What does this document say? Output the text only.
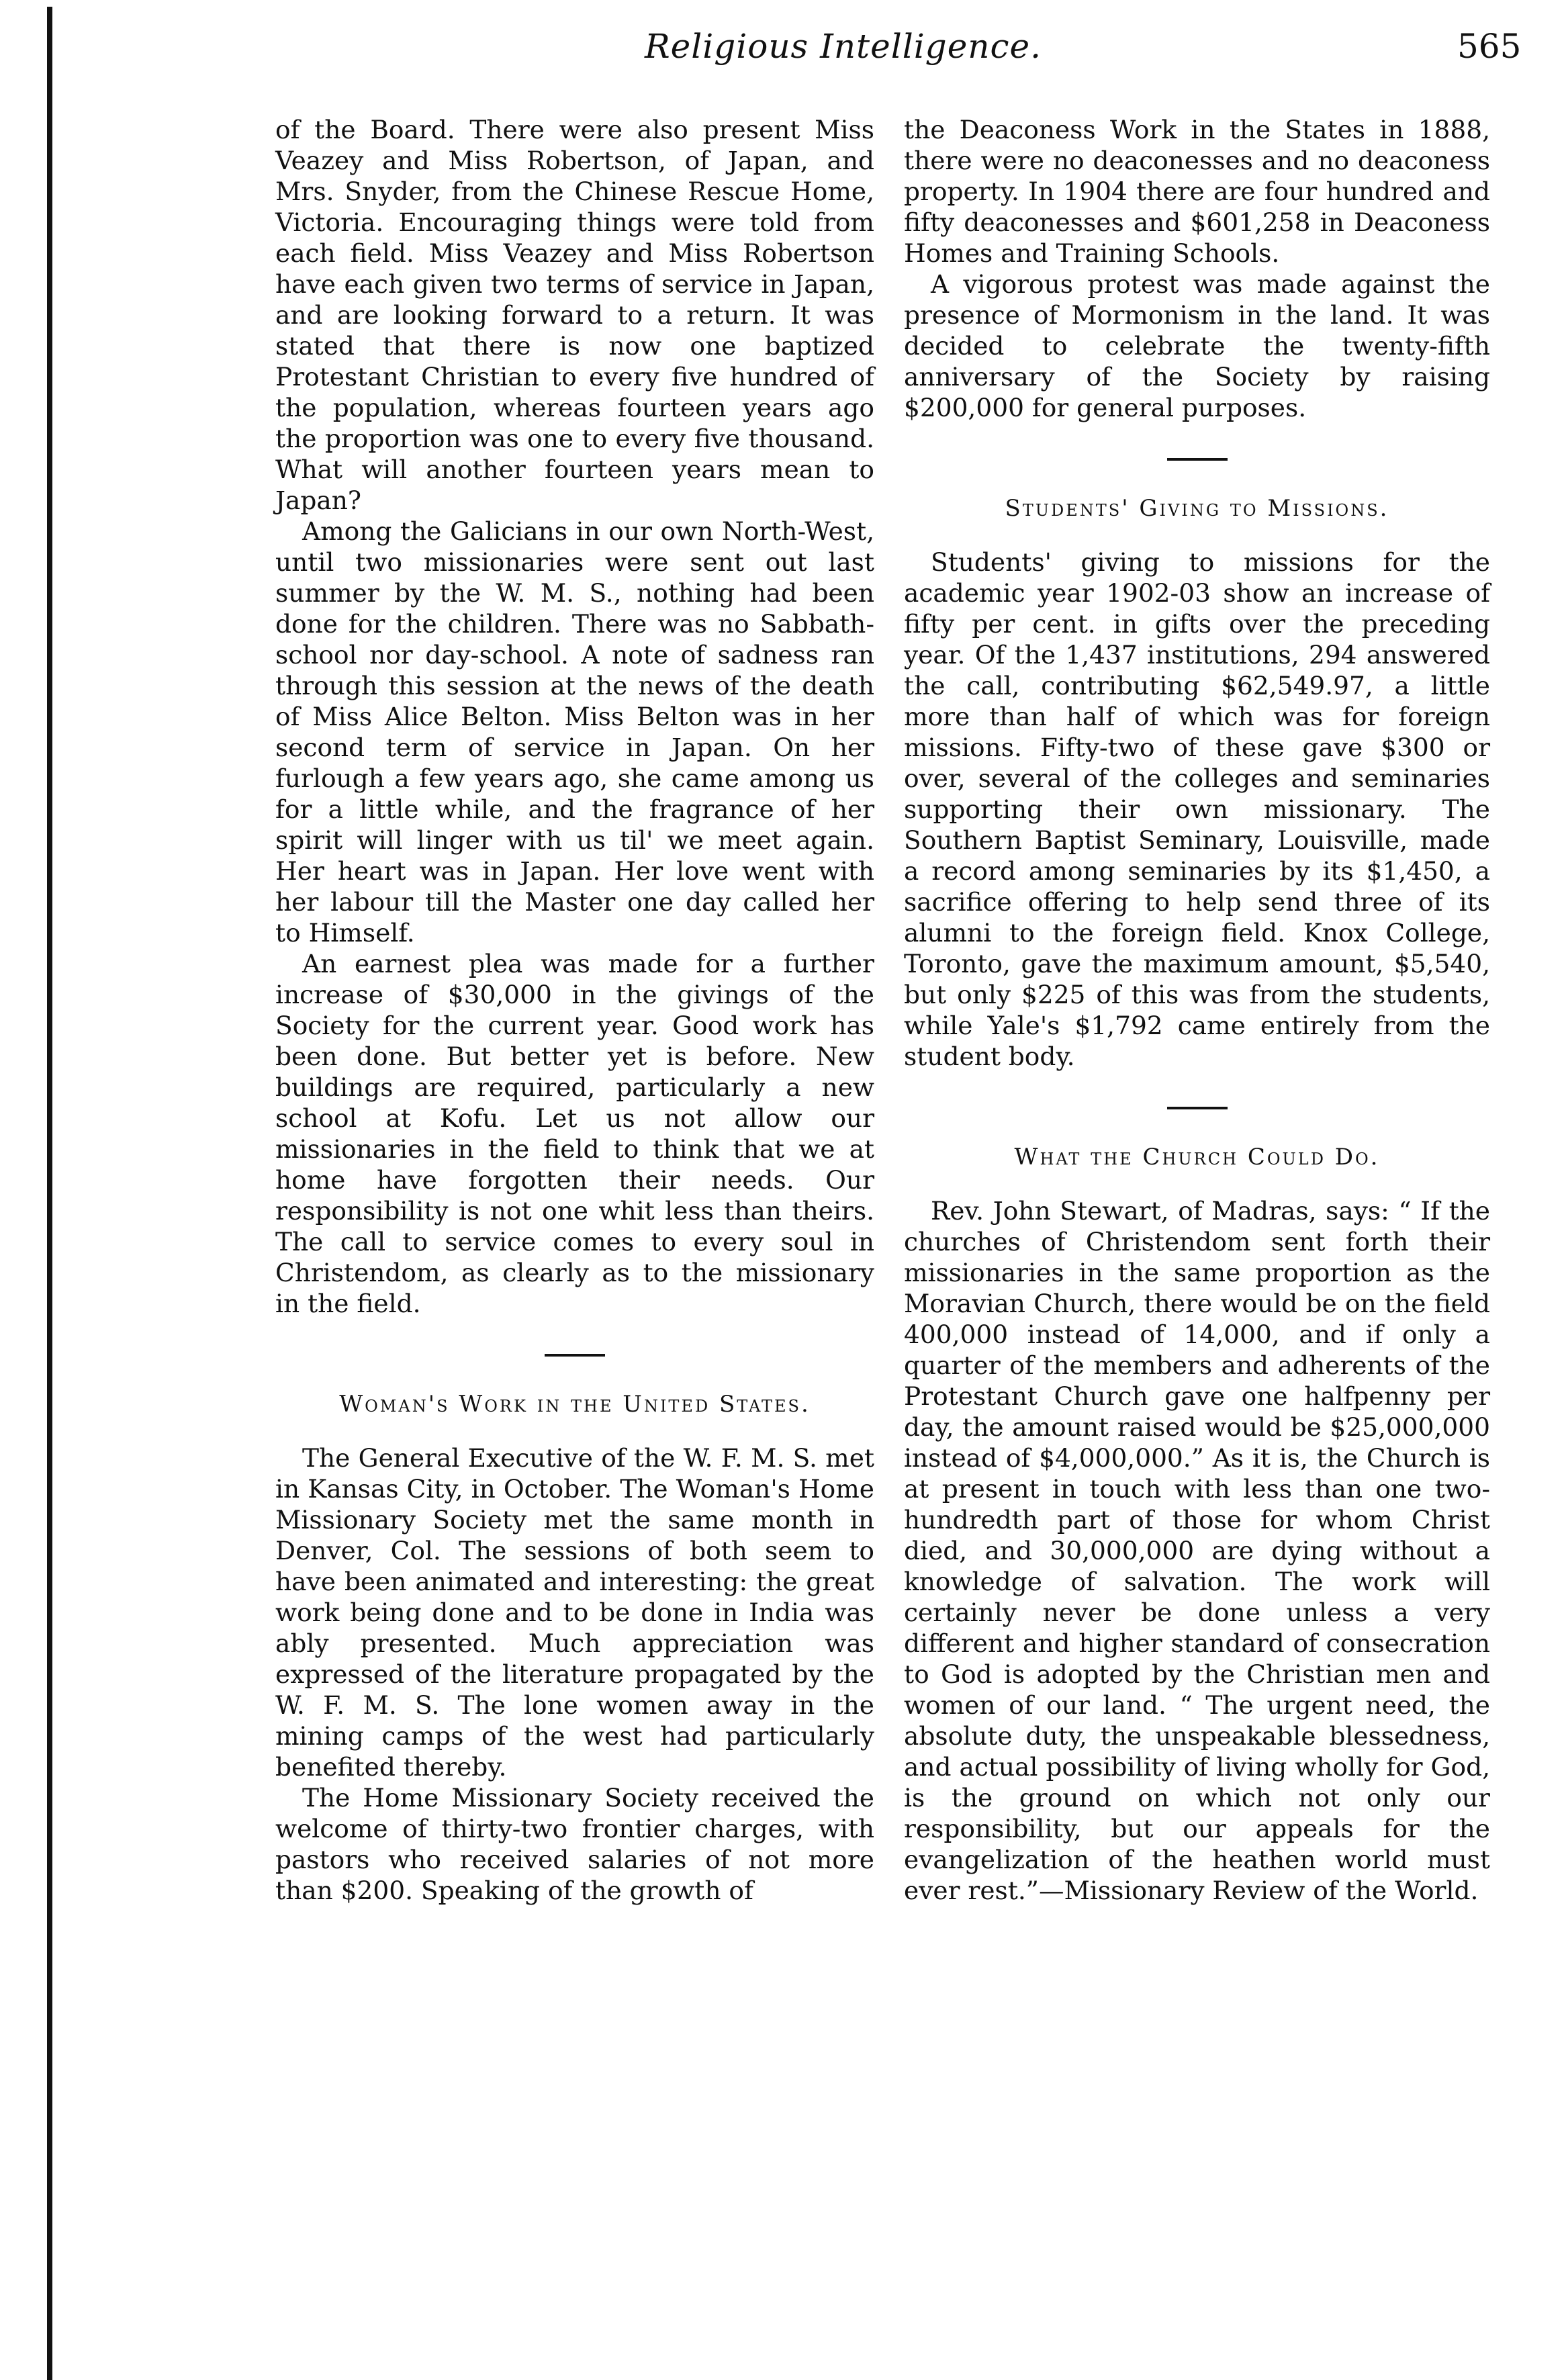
Religious Intelligence.	565

of the Board. There were also present Miss Veazey and Miss Robertson, of Japan, and Mrs. Snyder, from the Chinese Rescue Home, Victoria. Encouraging things were told from each field. Miss Veazey and Miss Robertson have each given two terms of service in Japan, and are looking forward to a return. It was stated that there is now one baptized Protestant Christian to every five hundred of the population, whereas fourteen years ago the proportion was one to every five thousand. What will another fourteen years mean to Japan?

Among the Galicians in our own North-West, until two missionaries were sent out last summer by the W. M. S., nothing had been done for the children. There was no Sabbath-school nor day-school. A note of sadness ran through this session at the news of the death of Miss Alice Belton. Miss Belton was in her second term of service in Japan. On her furlough a few years ago, she came among us for a little while, and the fragrance of her spirit will linger with us til' we meet again. Her heart was in Japan. Her love went with her labour till the Master one day called her to Himself.

An earnest plea was made for a further increase of $30,000 in the givings of the Society for the current year. Good work has been done. But better yet is before. New buildings are required, particularly a new school at Kofu. Let us not allow our missionaries in the field to think that we at home have forgotten their needs. Our responsibility is not one whit less than theirs. The call to service comes to every soul in Christendom, as clearly as to the missionary in the field.

Woman's Work in the United States.

The General Executive of the W. F. M. S. met in Kansas City, in October. The Woman's Home Missionary Society met the same month in Denver, Col. The sessions of both seem to have been animated and interesting: the great work being done and to be done in India was ably presented. Much appreciation was expressed of the literature propagated by the W. F. M. S. The lone women away in the mining camps of the west had particularly benefited thereby.

The Home Missionary Society received the welcome of thirty-two frontier charges, with pastors who received salaries of not more than $200. Speaking of the growth of

the Deaconess Work in the States in 1888, there were no deaconesses and no deaconess property. In 1904 there are four hundred and fifty deaconesses and $601,258 in Deaconess Homes and Training Schools.

A vigorous protest was made against the presence of Mormonism in the land. It was decided to celebrate the twenty-fifth anniversary of the Society by raising $200,000 for general purposes.

Students' Giving to Missions.

Students' giving to missions for the academic year 1902-03 show an increase of fifty per cent. in gifts over the preceding year. Of the 1,437 institutions, 294 answered the call, contributing $62,549.97, a little more than half of which was for foreign missions. Fifty-two of these gave $300 or over, several of the colleges and seminaries supporting their own missionary. The Southern Baptist Seminary, Louisville, made a record among seminaries by its $1,450, a sacrifice offering to help send three of its alumni to the foreign field. Knox College, Toronto, gave the maximum amount, $5,540, but only $225 of this was from the students, while Yale's $1,792 came entirely from the student body.

What the Church Could Do.

Rev. John Stewart, of Madras, says: “ If the churches of Christendom sent forth their missionaries in the same proportion as the Moravian Church, there would be on the field 400,000 instead of 14,000, and if only a quarter of the members and adherents of the Protestant Church gave one halfpenny per day, the amount raised would be $25,000,000 instead of $4,000,000.” As it is, the Church is at present in touch with less than one two-hundredth part of those for whom Christ died, and 30,000,000 are dying without a knowledge of salvation. The work will certainly never be done unless a very different and higher standard of consecration to God is adopted by the Christian men and women of our land. “ The urgent need, the absolute duty, the unspeakable blessedness, and actual possibility of living wholly for God, is the ground on which not only our responsibility, but our appeals for the evangelization of the heathen world must ever rest.”—Missionary Review of the World.
